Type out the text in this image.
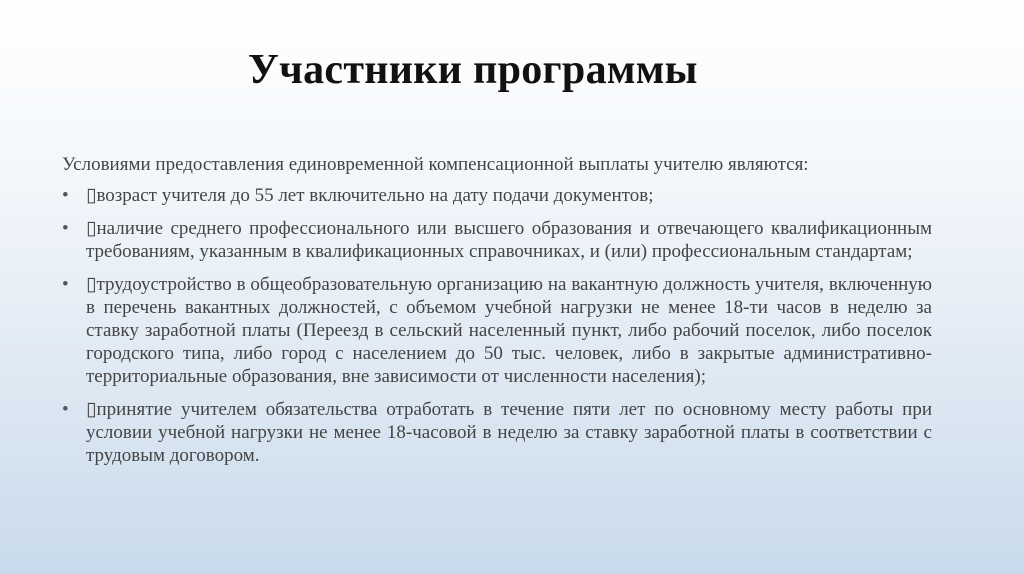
Участники программы

Условиями предоставления единовременной компенсационной выплаты учителю являются:

• ▯возраст учителя до 55 лет включительно на дату подачи документов;
• ▯наличие среднего профессионального или высшего образования и отвечающего квалификационным требованиям, указанным в квалификационных справочниках, и (или) профессиональным стандартам;
• ▯трудоустройство в общеобразовательную организацию на вакантную должность учителя, включенную в перечень вакантных должностей, с объемом учебной нагрузки не менее 18-ти часов в неделю за ставку заработной платы (Переезд в сельский населенный пункт, либо рабочий поселок, либо поселок городского типа, либо город с населением до 50 тыс. человек, либо в закрытые административно-территориальные образования, вне зависимости от численности населения);
• ▯принятие учителем обязательства отработать в течение пяти лет по основному месту работы при условии учебной нагрузки не менее 18-часовой в неделю за ставку заработной платы в соответствии с трудовым договором.
